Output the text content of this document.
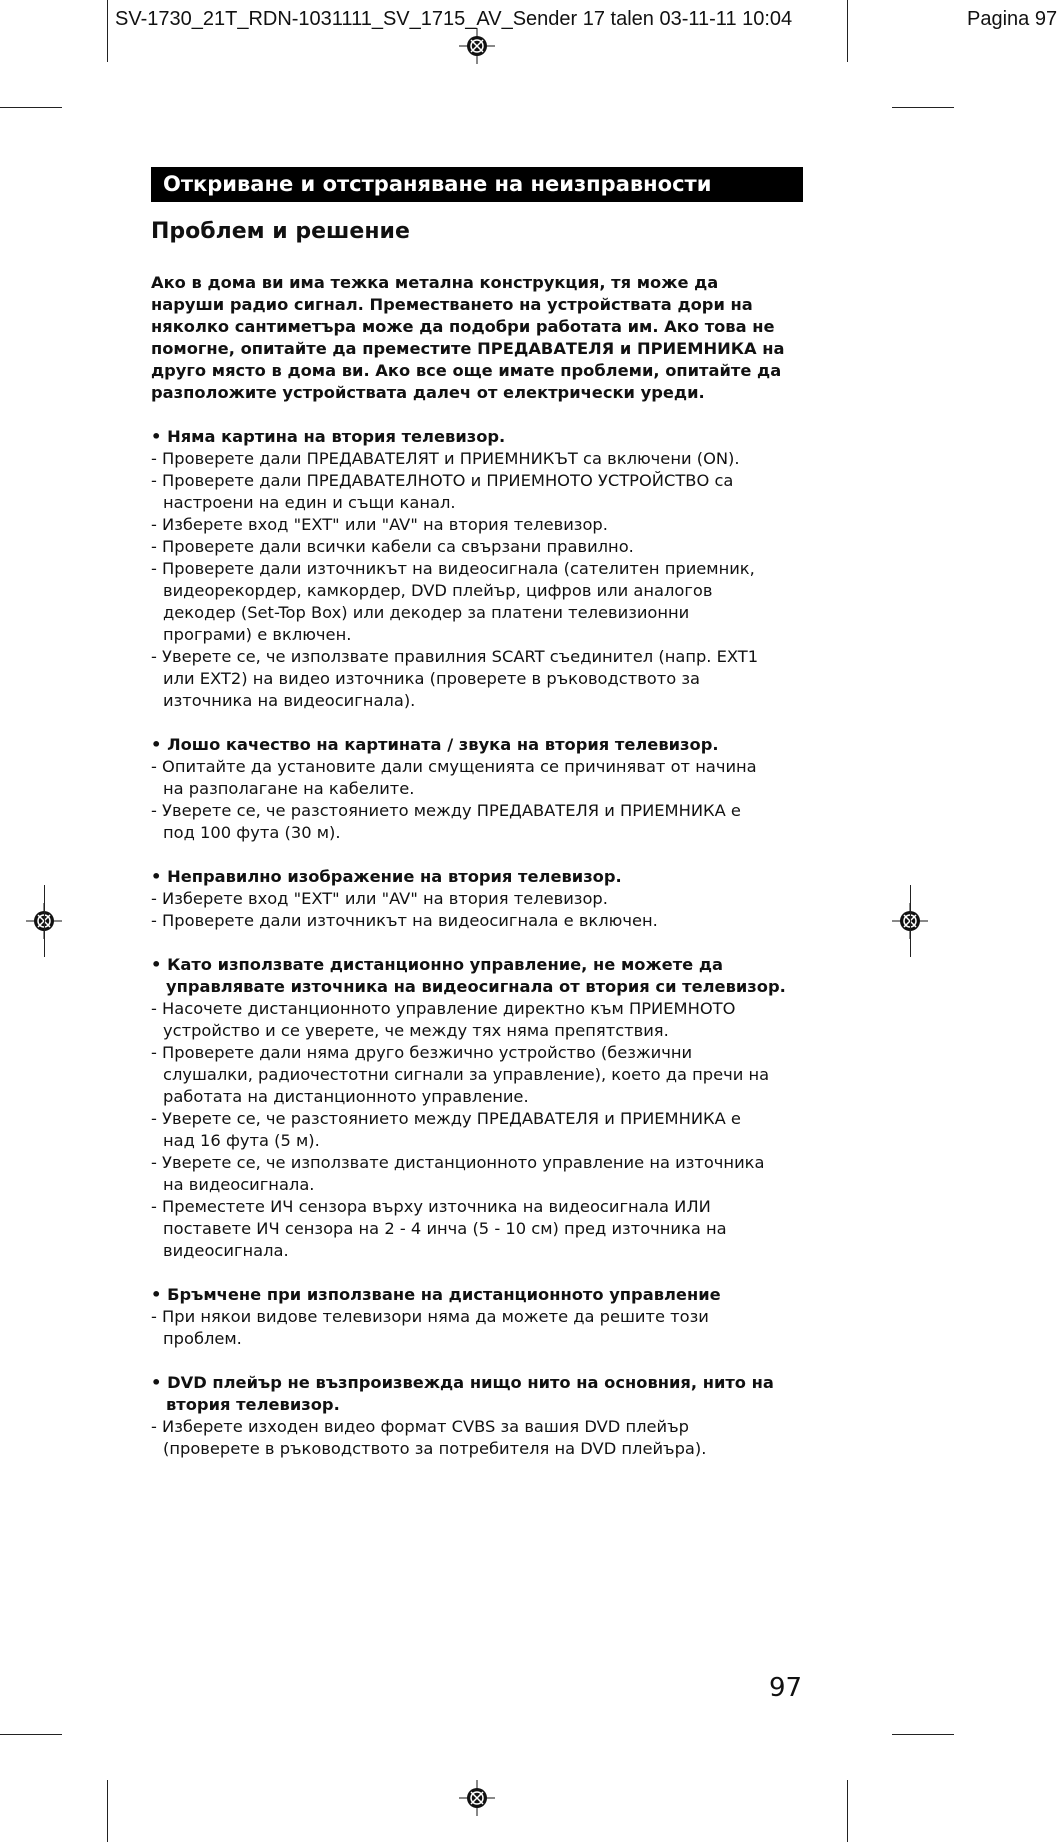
SV-1730_21T_RDN-1031111_SV_1715_AV_Sender 17 talen 03-11-11 10:04	Pagina 97
Откриване и отстраняване на неизправности
Проблем и решение

Ако в дома ви има тежка метална конструкция, тя може да

наруши радио сигнал. Преместването на устройствата дори на

няколко сантиметъра може да подобри работата им. Ако това не

помогне, опитайте да преместите ПРЕДАВАТЕЛЯ и ПРИЕМНИКА на

друго място в дома ви. Ако все още имате проблеми, опитайте да

разположите устройствата далеч от електрически уреди.

• Няма картина на втория телевизор.
- Проверете дали ПРЕДАВАТЕЛЯТ и ПРИЕМНИКЪТ са включени (ON).
- Проверете дали ПРЕДАВАТЕЛНОТО и ПРИЕМНОТО УСТРОЙСТВО са
настроени на един и същи канал.
- Изберете вход "EXT" или "AV" на втория телевизор.
- Проверете дали всички кабели са свързани правилно.
- Проверете дали източникът на видеосигнала (сателитен приемник,
видеорекордер, камкордер, DVD плейър, цифров или аналогов
декодер (Set-Top Box) или декодер за платени телевизионни
програми) е включен.
- Уверете се, че използвате правилния SCART съединител (напр. EXT1
или EXT2) на видео източника (проверете в ръководството за
източника на видеосигнала).
• Лошо качество на картината / звука на втория телевизор.
- Опитайте да установите дали смущенията се причиняват от начина
на разполагане на кабелите.
- Уверете се, че разстоянието между ПРЕДАВАТЕЛЯ и ПРИЕМНИКА е
под 100 фута (30 м).
• Неправилно изображение на втория телевизор.
- Изберете вход "EXT" или "AV" на втория телевизор.
- Проверете дали източникът на видеосигнала е включен.
• Като използвате дистанционно управление, не можете да
управлявате източника на видеосигнала от втория си телевизор.
- Насочете дистанционното управление директно към ПРИЕМНОТО
устройство и се уверете, че между тях няма препятствия.
- Проверете дали няма друго безжично устройство (безжични
слушалки, радиочестотни сигнали за управление), което да пречи на
работата на дистанционното управление.
- Уверете се, че разстоянието между ПРЕДАВАТЕЛЯ и ПРИЕМНИКА е
над 16 фута (5 м).
- Уверете се, че използвате дистанционното управление на източника
на видеосигнала.
- Преместете ИЧ сензора върху източника на видеосигнала ИЛИ
поставете ИЧ сензора на 2 - 4 инча (5 - 10 см) пред източника на
видеосигнала.
• Бръмчене при използване на дистанционното управление
- При някои видове телевизори няма да можете да решите този
проблем.
• DVD плейър не възпроизвежда нищо нито на основния, нито на
втория телевизор.
- Изберете изходен видео формат CVBS за вашия DVD плейър
(проверете в ръководството за потребителя на DVD плейъра).
97
